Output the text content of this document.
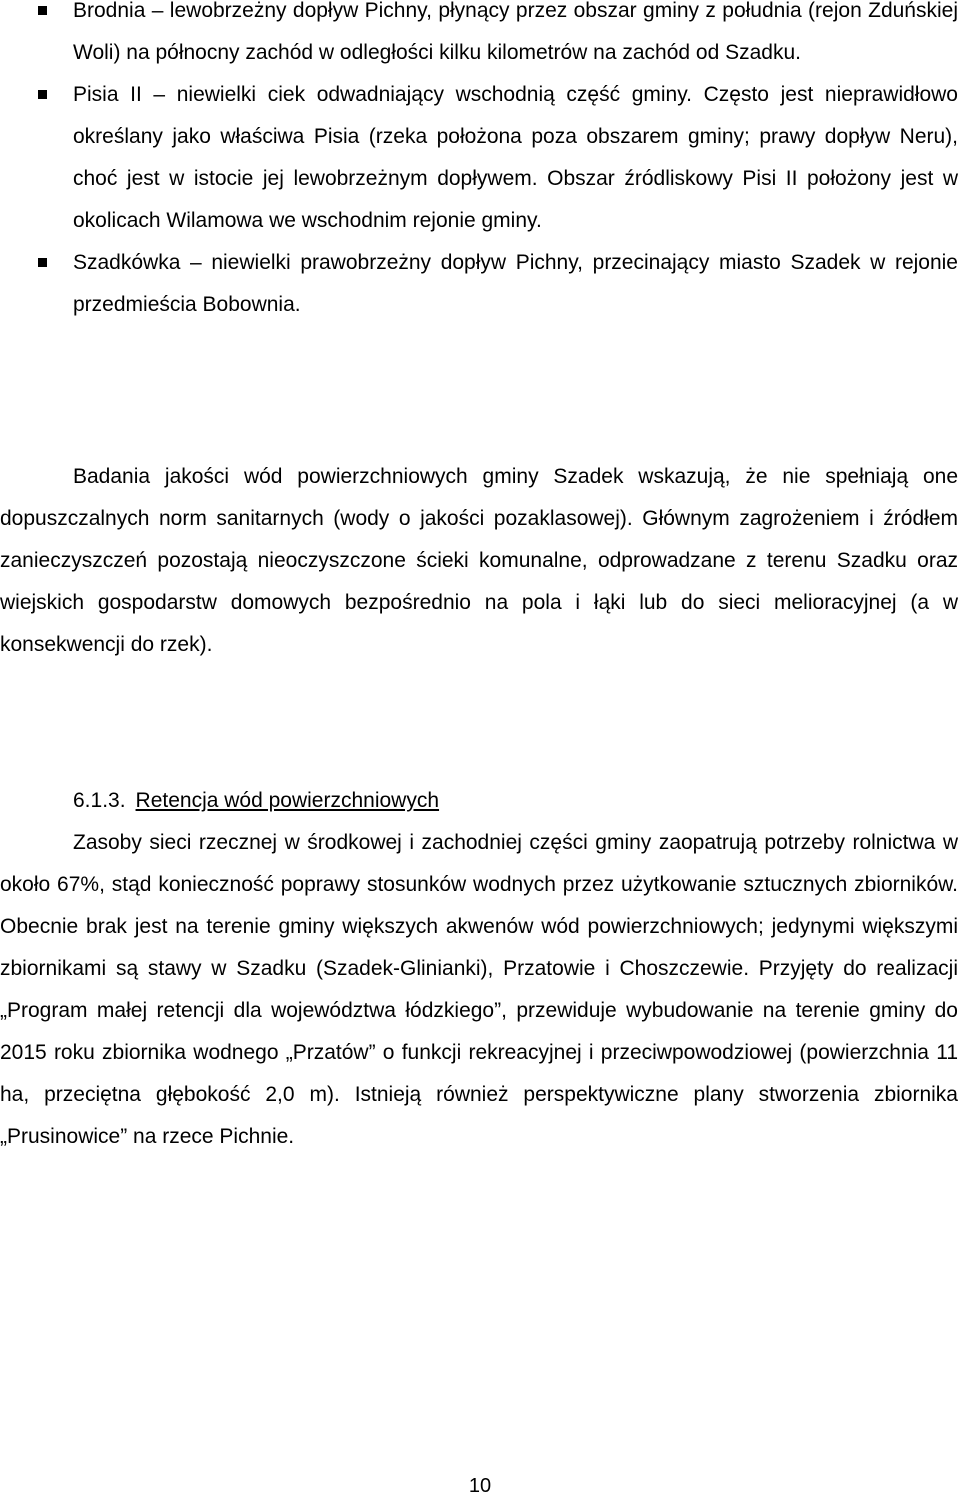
Brodnia – lewobrzeżny dopływ Pichny, płynący przez obszar gminy z południa (rejon Zduńskiej Woli) na północny zachód w odległości kilku kilometrów na zachód od Szadku.
Pisia II – niewielki ciek odwadniający wschodnią część gminy. Często jest nieprawidłowo określany jako właściwa Pisia (rzeka położona poza obszarem gminy; prawy dopływ Neru), choć jest w istocie jej lewobrzeżnym dopływem. Obszar źródliskowy Pisi II położony jest w okolicach Wilamowa we wschodnim rejonie gminy.
Szadkówka – niewielki prawobrzeżny dopływ Pichny, przecinający miasto Szadek w rejonie przedmieścia Bobownia.

Badania jakości wód powierzchniowych gminy Szadek wskazują, że nie spełniają one dopuszczalnych norm sanitarnych (wody o jakości pozaklasowej). Głównym zagrożeniem i źródłem zanieczyszczeń pozostają nieoczyszczone ścieki komunalne, odprowadzane z terenu Szadku oraz wiejskich gospodarstw domowych bezpośrednio na pola i łąki lub do sieci melioracyjnej (a w konsekwencji do rzek).

6.1.3. Retencja wód powierzchniowych

Zasoby sieci rzecznej w środkowej i zachodniej części gminy zaopatrują potrzeby rolnictwa w około 67%, stąd konieczność poprawy stosunków wodnych przez użytkowanie sztucznych zbiorników. Obecnie brak jest na terenie gminy większych akwenów wód powierzchniowych; jedynymi większymi zbiornikami są stawy w Szadku (Szadek-Glinianki), Przatowie i Choszczewie. Przyjęty do realizacji „Program małej retencji dla województwa łódzkiego”, przewiduje wybudowanie na terenie gminy do 2015 roku zbiornika wodnego „Przatów” o funkcji rekreacyjnej i przeciwpowodziowej (powierzchnia 11 ha, przeciętna głębokość 2,0 m). Istnieją również perspektywiczne plany stworzenia zbiornika „Prusinowice” na rzece Pichnie.

10
